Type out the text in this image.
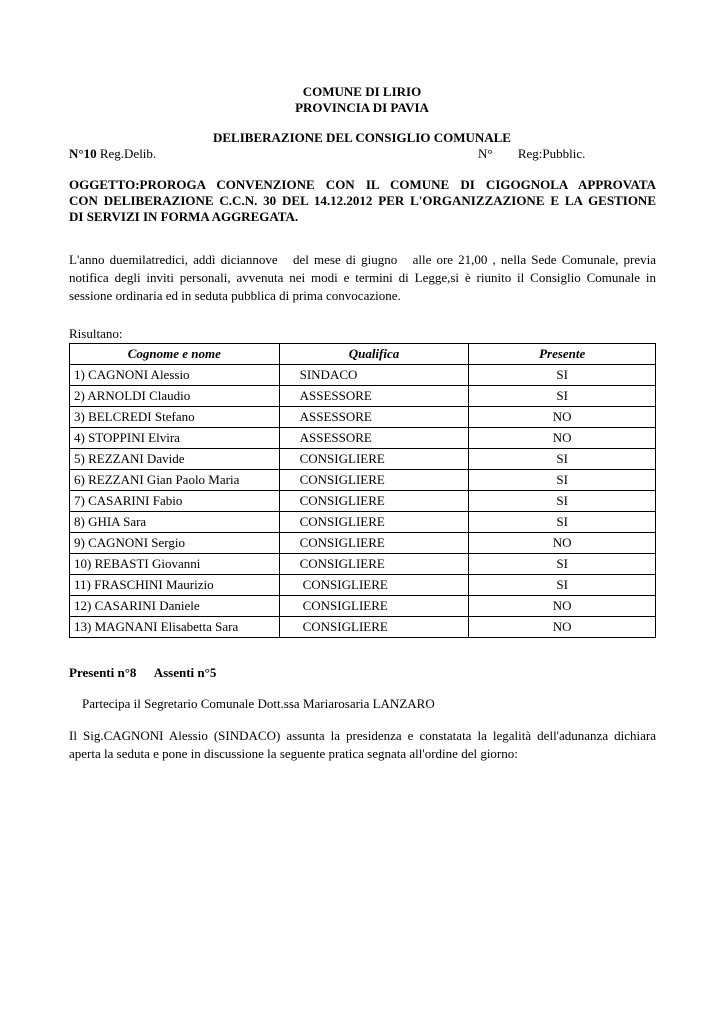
COMUNE DI LIRIO
PROVINCIA DI PAVIA
DELIBERAZIONE DEL CONSIGLIO COMUNALE
N°10 Reg.Delib.	N° Reg:Pubblic.
OGGETTO:PROROGA CONVENZIONE CON IL COMUNE DI CIGOGNOLA APPROVATA
CON DELIBERAZIONE C.C.N. 30 DEL 14.12.2012 PER L'ORGANIZZAZIONE E LA GESTIONE
DI SERVIZI IN FORMA AGGREGATA.
L'anno duemilatredici, addì diciannove   del mese di giugno   alle ore 21,00 , nella Sede Comunale, previa
notifica degli inviti personali, avvenuta nei modi e termini di Legge,si è riunito il Consiglio Comunale in
sessione ordinaria ed in seduta pubblica di prima convocazione.
Risultano:
Cognome e nome	Qualifica	Presente
1) CAGNONI Alessio	SINDACO	SI
2) ARNOLDI Claudio	ASSESSORE	SI
3) BELCREDI Stefano	ASSESSORE	NO
4) STOPPINI Elvira	ASSESSORE	NO
5) REZZANI Davide	CONSIGLIERE	SI
6) REZZANI Gian Paolo Maria	CONSIGLIERE	SI
7) CASARINI Fabio	CONSIGLIERE	SI
8) GHIA Sara	CONSIGLIERE	SI
9) CAGNONI Sergio	CONSIGLIERE	NO
10) REBASTI Giovanni	CONSIGLIERE	SI
11) FRASCHINI Maurizio	CONSIGLIERE	SI
12) CASARINI Daniele	CONSIGLIERE	NO
13) MAGNANI Elisabetta Sara	CONSIGLIERE	NO
Presenti n°8 Assenti n°5
Partecipa il Segretario Comunale Dott.ssa Mariarosaria LANZARO
Il Sig.CAGNONI Alessio (SINDACO) assunta la presidenza e constatata la legalità dell'adunanza dichiara
aperta la seduta e pone in discussione la seguente pratica segnata all'ordine del giorno:
